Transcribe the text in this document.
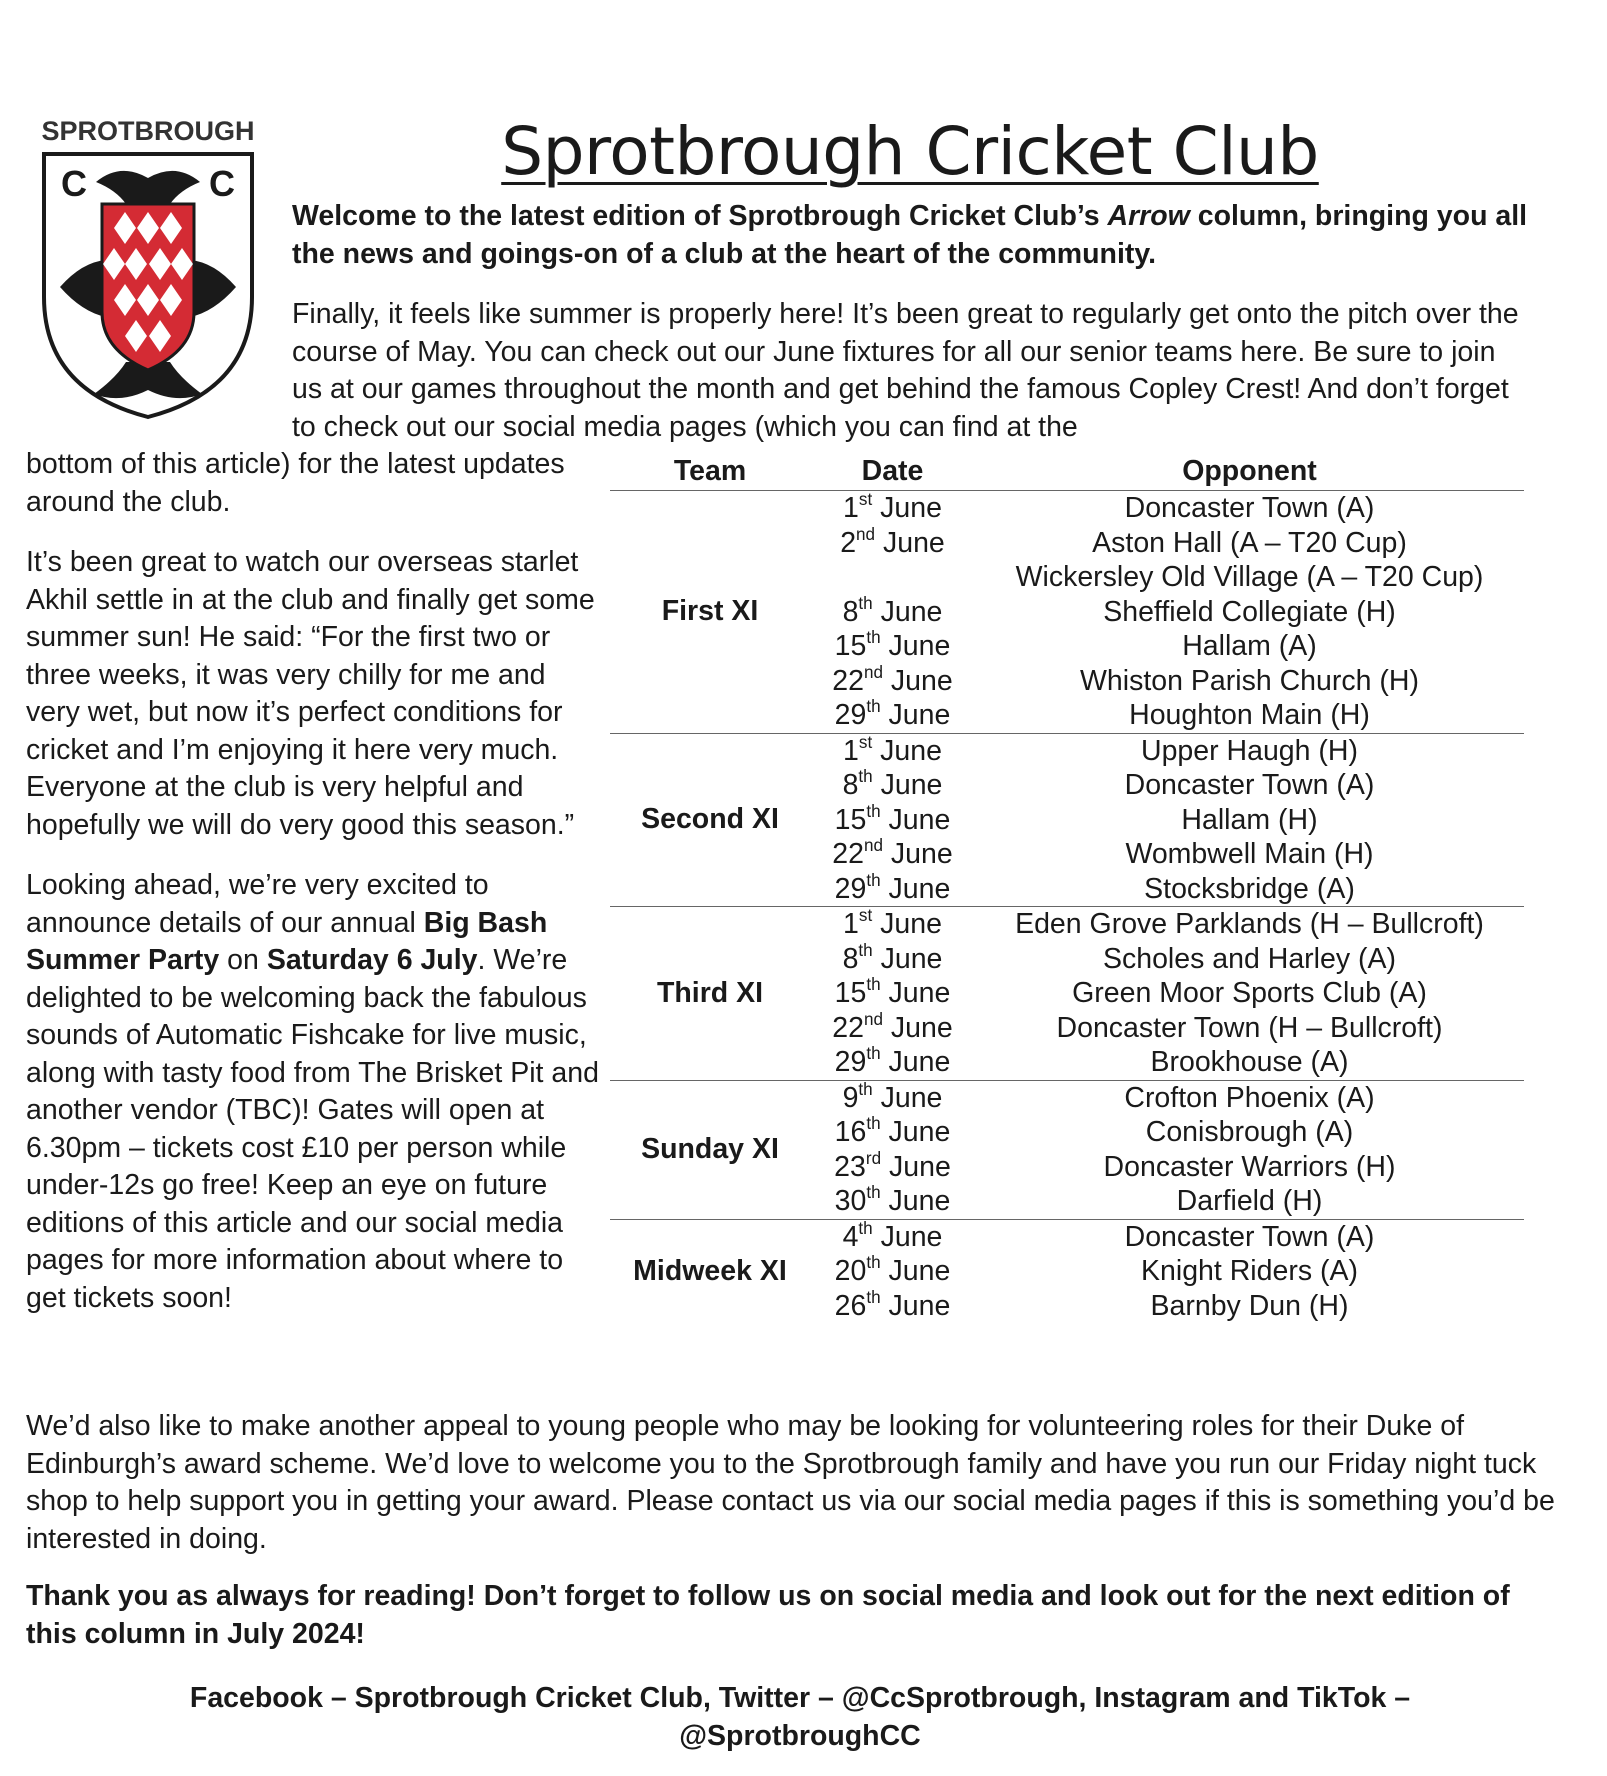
SPROTBROUGH
C	C	Sprotbrough Cricket Club
Welcome to the latest edition of Sprotbrough Cricket Club’s Arrow column, bringing you all the news and goings-on of a club at the heart of the community.
Finally, it feels like summer is properly here! It’s been great to regularly get onto the pitch over the course of May. You can check out our June fixtures for all our senior teams here. Be sure to join us at our games throughout the month and get behind the famous Copley Crest! And don’t forget to check out our social media pages (which you can find at the

bottom of this article) for the latest updates around the club.

It’s been great to watch our overseas starlet Akhil settle in at the club and finally get some summer sun! He said: “For the first two or three weeks, it was very chilly for me and very wet, but now it’s perfect conditions for cricket and I’m enjoying it here very much. Everyone at the club is very helpful and hopefully we will do very good this season.”

Looking ahead, we’re very excited to announce details of our annual Big Bash Summer Party on Saturday 6 July. We’re delighted to be welcoming back the fabulous sounds of Automatic Fishcake for live music, along with tasty food from The Brisket Pit and another vendor (TBC)! Gates will open at 6.30pm – tickets cost £10 per person while under-12s go free! Keep an eye on future editions of this article and our social media pages for more information about where to get tickets soon!

Team	Date	Opponent
First XI
1st June	Doncaster Town (A)
2nd June	Aston Hall (A – T20 Cup)
Wickersley Old Village (A – T20 Cup)
8th June	Sheffield Collegiate (H)
15th June	Hallam (A)
22nd June	Whiston Parish Church (H)
29th June	Houghton Main (H)
Second XI
1st June	Upper Haugh (H)
8th June	Doncaster Town (A)
15th June	Hallam (H)
22nd June	Wombwell Main (H)
29th June	Stocksbridge (A)
Third XI
1st June	Eden Grove Parklands (H – Bullcroft)
8th June	Scholes and Harley (A)
15th June	Green Moor Sports Club (A)
22nd June	Doncaster Town (H – Bullcroft)
29th June	Brookhouse (A)
Sunday XI
9th June	Crofton Phoenix (A)
16th June	Conisbrough (A)
23rd June	Doncaster Warriors (H)
30th June	Darfield (H)
Midweek XI
4th June	Doncaster Town (A)
20th June	Knight Riders (A)
26th June	Barnby Dun (H)
We’d also like to make another appeal to young people who may be looking for volunteering roles for their Duke of Edinburgh’s award scheme. We’d love to welcome you to the Sprotbrough family and have you run our Friday night tuck shop to help support you in getting your award. Please contact us via our social media pages if this is something you’d be interested in doing.
Thank you as always for reading! Don’t forget to follow us on social media and look out for the next edition of this column in July 2024!
Facebook – Sprotbrough Cricket Club, Twitter – @CcSprotbrough, Instagram and TikTok –
@SprotbroughCC
